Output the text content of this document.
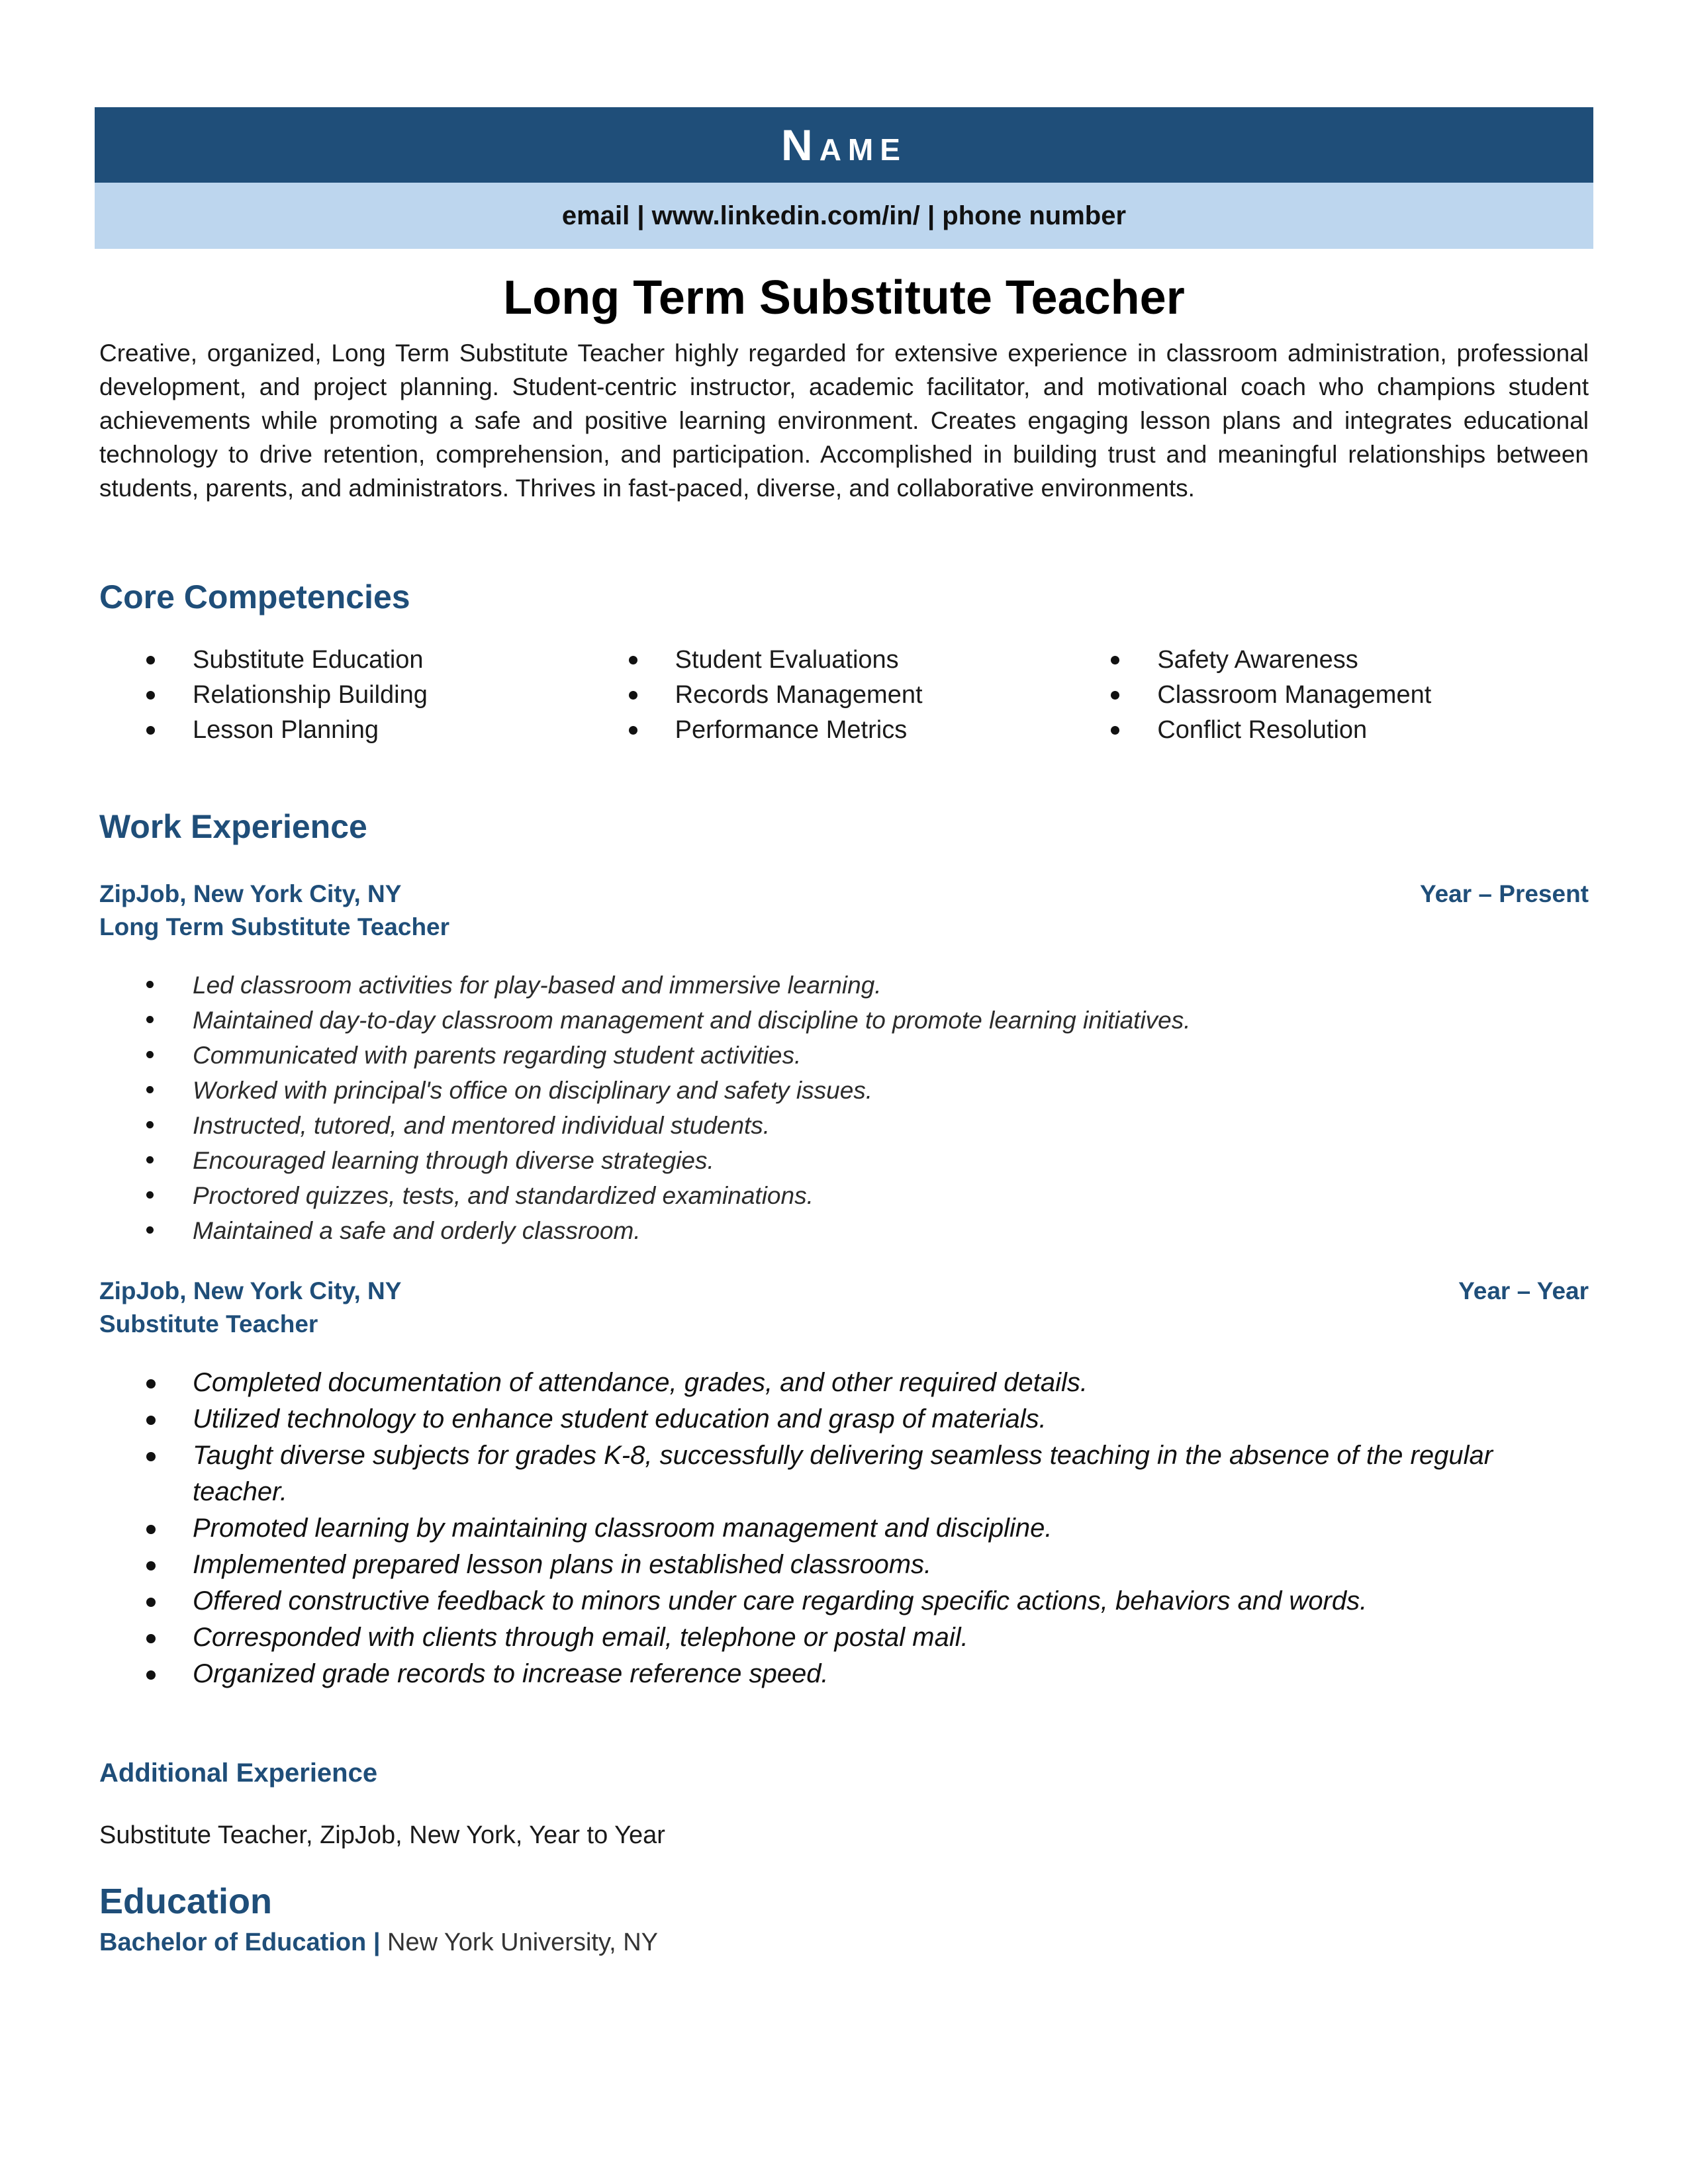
Name
email | www.linkedin.com/in/ | phone number
Long Term Substitute Teacher
Creative, organized, Long Term Substitute Teacher highly regarded for extensive experience in classroom administration, professional development, and project planning. Student-centric instructor, academic facilitator, and motivational coach who champions student achievements while promoting a safe and positive learning environment. Creates engaging lesson plans and integrates educational technology to drive retention, comprehension, and participation. Accomplished in building trust and meaningful relationships between students, parents, and administrators. Thrives in fast-paced, diverse, and collaborative environments.
Core Competencies
Substitute Education
Relationship Building
Lesson Planning
Student Evaluations
Records Management
Performance Metrics
Safety Awareness
Classroom Management
Conflict Resolution
Work Experience
ZipJob, New York City, NY	Year – Present
Long Term Substitute Teacher
Led classroom activities for play-based and immersive learning.
Maintained day-to-day classroom management and discipline to promote learning initiatives.
Communicated with parents regarding student activities.
Worked with principal's office on disciplinary and safety issues.
Instructed, tutored, and mentored individual students.
Encouraged learning through diverse strategies.
Proctored quizzes, tests, and standardized examinations.
Maintained a safe and orderly classroom.
ZipJob, New York City, NY	Year – Year
Substitute Teacher
Completed documentation of attendance, grades, and other required details.
Utilized technology to enhance student education and grasp of materials.
Taught diverse subjects for grades K-8, successfully delivering seamless teaching in the absence of the regular teacher.
Promoted learning by maintaining classroom management and discipline.
Implemented prepared lesson plans in established classrooms.
Offered constructive feedback to minors under care regarding specific actions, behaviors and words.
Corresponded with clients through email, telephone or postal mail.
Organized grade records to increase reference speed.
Additional Experience
Substitute Teacher, ZipJob, New York, Year to Year
Education
Bachelor of Education | New York University, NY
